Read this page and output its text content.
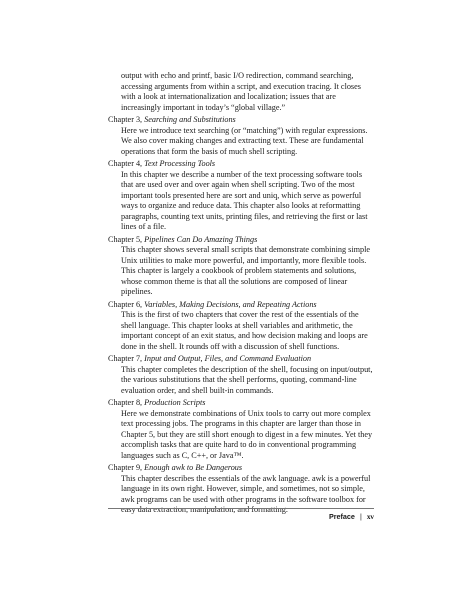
output with echo and printf, basic I/O redirection, command searching, accessing arguments from within a script, and execution tracing. It closes with a look at internationalization and localization; issues that are increasingly important in today’s “global village.”

Chapter 3, Searching and Substitutions

Here we introduce text searching (or “matching”) with regular expressions. We also cover making changes and extracting text. These are fundamental operations that form the basis of much shell scripting.

Chapter 4, Text Processing Tools

In this chapter we describe a number of the text processing software tools that are used over and over again when shell scripting. Two of the most important tools presented here are sort and uniq, which serve as powerful ways to organize and reduce data. This chapter also looks at reformatting paragraphs, counting text units, printing files, and retrieving the first or last lines of a file.

Chapter 5, Pipelines Can Do Amazing Things

This chapter shows several small scripts that demonstrate combining simple Unix utilities to make more powerful, and importantly, more flexible tools. This chapter is largely a cookbook of problem statements and solutions, whose common theme is that all the solutions are composed of linear pipelines.

Chapter 6, Variables, Making Decisions, and Repeating Actions

This is the first of two chapters that cover the rest of the essentials of the shell language. This chapter looks at shell variables and arithmetic, the important concept of an exit status, and how decision making and loops are done in the shell. It rounds off with a discussion of shell functions.

Chapter 7, Input and Output, Files, and Command Evaluation

This chapter completes the description of the shell, focusing on input/output, the various substitutions that the shell performs, quoting, command-line evaluation order, and shell built-in commands.

Chapter 8, Production Scripts

Here we demonstrate combinations of Unix tools to carry out more complex text processing jobs. The programs in this chapter are larger than those in Chapter 5, but they are still short enough to digest in a few minutes. Yet they accomplish tasks that are quite hard to do in conventional programming languages such as C, C++, or Java™.

Chapter 9, Enough awk to Be Dangerous

This chapter describes the essentials of the awk language. awk is a powerful language in its own right. However, simple, and sometimes, not so simple, awk programs can be used with other programs in the software toolbox for easy data extraction, manipulation, and formatting.

Preface | xv
